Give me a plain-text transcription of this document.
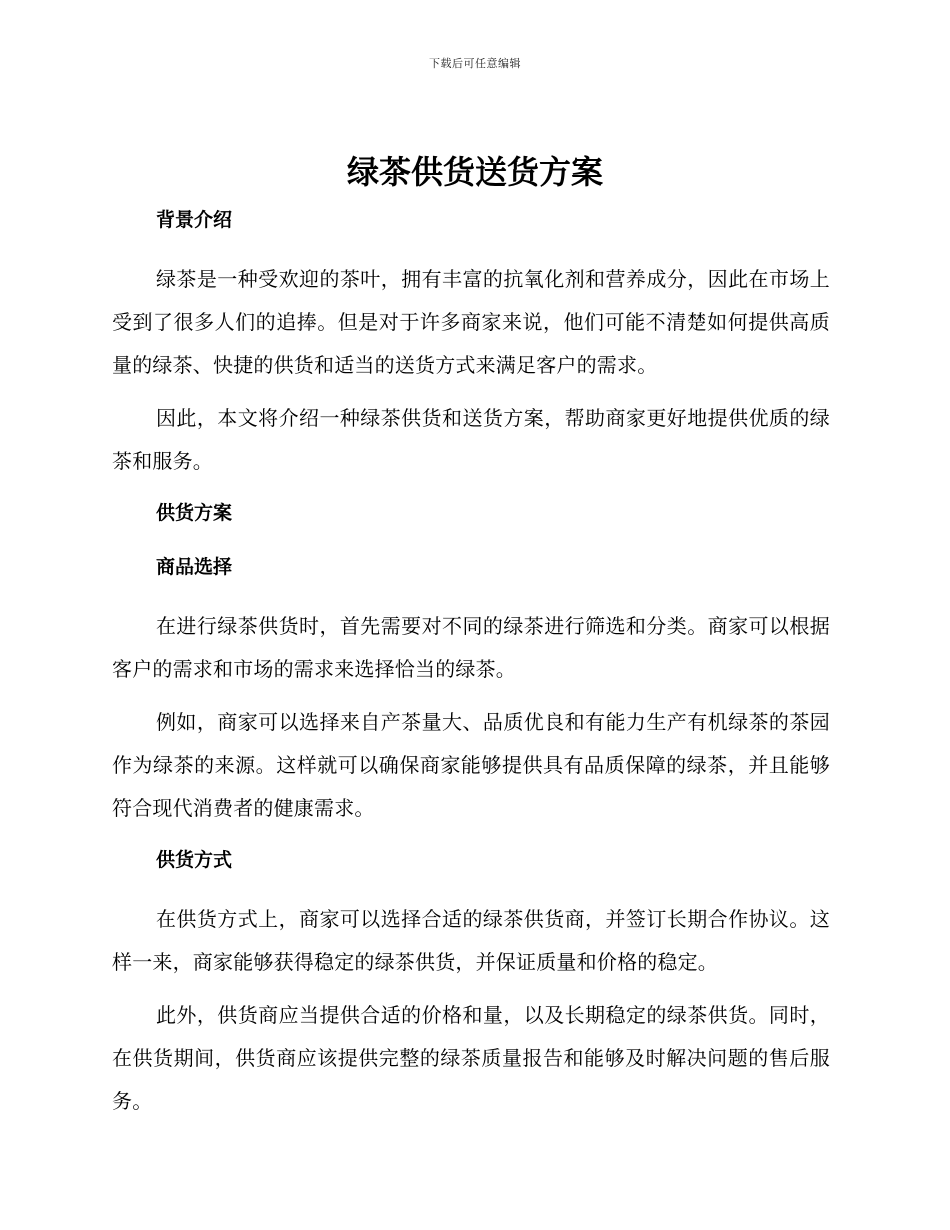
下载后可任意编辑
绿茶供货送货方案
背景介绍

绿茶是一种受欢迎的茶叶，拥有丰富的抗氧化剂和营养成分，因此在市场上受到了很多人们的追捧。但是对于许多商家来说，他们可能不清楚如何提供高质量的绿茶、快捷的供货和适当的送货方式来满足客户的需求。

因此，本文将介绍一种绿茶供货和送货方案，帮助商家更好地提供优质的绿茶和服务。

供货方案
商品选择

在进行绿茶供货时，首先需要对不同的绿茶进行筛选和分类。商家可以根据客户的需求和市场的需求来选择恰当的绿茶。

例如，商家可以选择来自产茶量大、品质优良和有能力生产有机绿茶的茶园作为绿茶的来源。这样就可以确保商家能够提供具有品质保障的绿茶，并且能够符合现代消费者的健康需求。

供货方式

在供货方式上，商家可以选择合适的绿茶供货商，并签订长期合作协议。这样一来，商家能够获得稳定的绿茶供货，并保证质量和价格的稳定。

此外，供货商应当提供合适的价格和量，以及长期稳定的绿茶供货。同时，在供货期间，供货商应该提供完整的绿茶质量报告和能够及时解决问题的售后服务。
